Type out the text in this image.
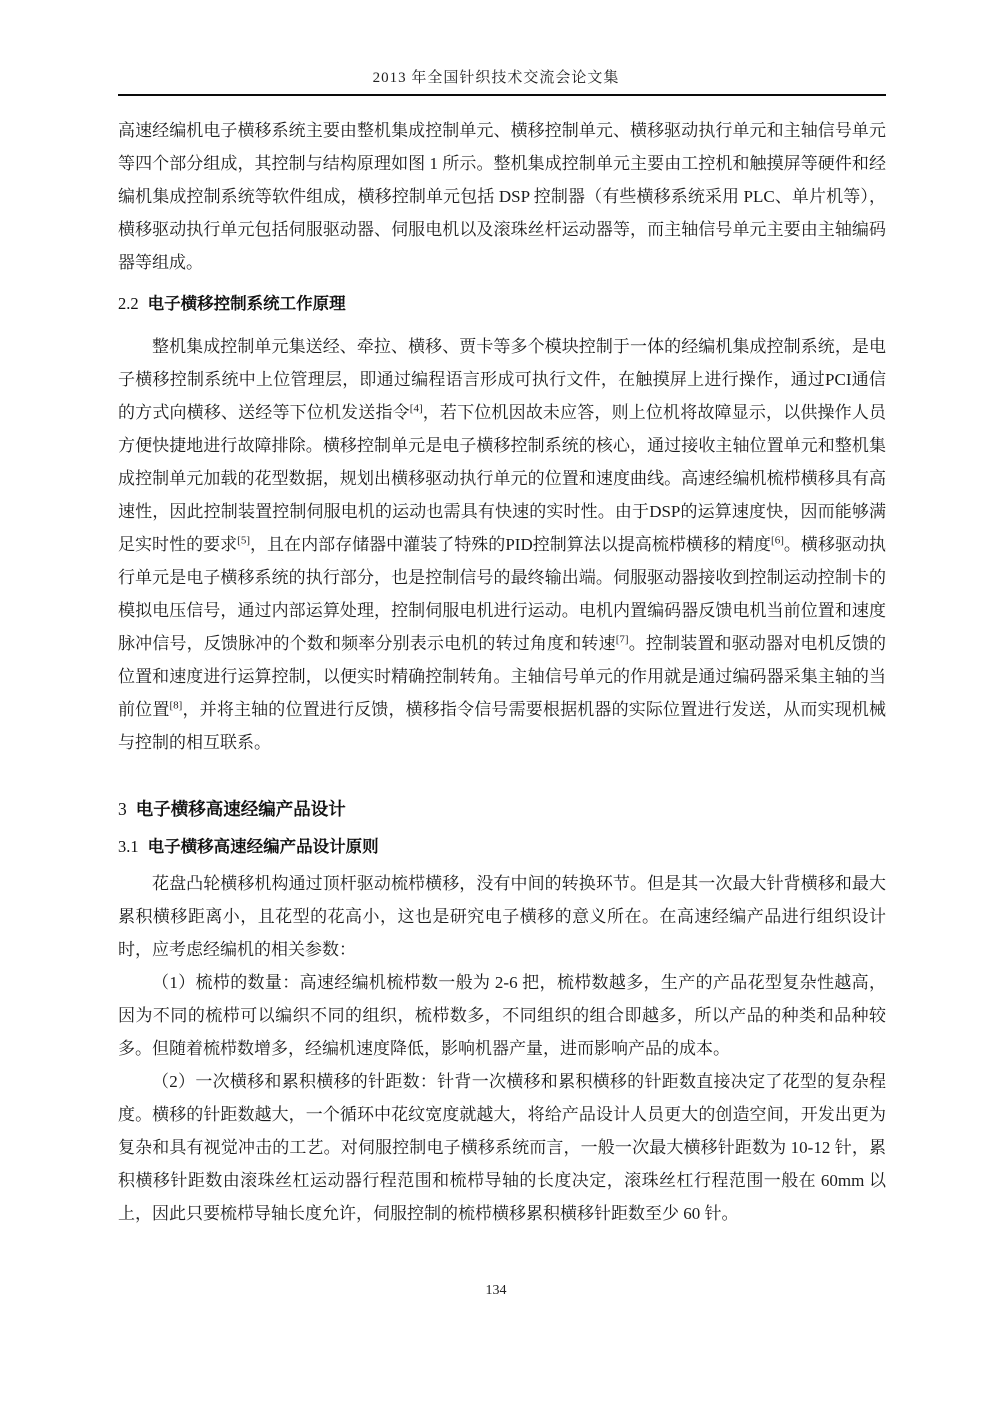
2013 年全国针织技术交流会论文集

高速经编机电子横移系统主要由整机集成控制单元、横移控制单元、横移驱动执行单元和主轴信号单元等四个部分组成，其控制与结构原理如图 1 所示。整机集成控制单元主要由工控机和触摸屏等硬件和经编机集成控制系统等软件组成，横移控制单元包括 DSP 控制器（有些横移系统采用 PLC、单片机等），横移驱动执行单元包括伺服驱动器、伺服电机以及滚珠丝杆运动器等，而主轴信号单元主要由主轴编码器等组成。

2.2 电子横移控制系统工作原理

整机集成控制单元集送经、牵拉、横移、贾卡等多个模块控制于一体的经编机集成控制系统，是电子横移控制系统中上位管理层，即通过编程语言形成可执行文件，在触摸屏上进行操作，通过PCI通信的方式向横移、送经等下位机发送指令[4]，若下位机因故未应答，则上位机将故障显示，以供操作人员方便快捷地进行故障排除。横移控制单元是电子横移控制系统的核心，通过接收主轴位置单元和整机集成控制单元加载的花型数据，规划出横移驱动执行单元的位置和速度曲线。高速经编机梳栉横移具有高速性，因此控制装置控制伺服电机的运动也需具有快速的实时性。由于DSP的运算速度快，因而能够满足实时性的要求[5]，且在内部存储器中灌装了特殊的PID控制算法以提高梳栉横移的精度[6]。横移驱动执行单元是电子横移系统的执行部分，也是控制信号的最终输出端。伺服驱动器接收到控制运动控制卡的模拟电压信号，通过内部运算处理，控制伺服电机进行运动。电机内置编码器反馈电机当前位置和速度脉冲信号，反馈脉冲的个数和频率分别表示电机的转过角度和转速[7]。控制装置和驱动器对电机反馈的位置和速度进行运算控制，以便实时精确控制转角。主轴信号单元的作用就是通过编码器采集主轴的当前位置[8]，并将主轴的位置进行反馈，横移指令信号需要根据机器的实际位置进行发送，从而实现机械与控制的相互联系。

3 电子横移高速经编产品设计
3.1 电子横移高速经编产品设计原则

花盘凸轮横移机构通过顶杆驱动梳栉横移，没有中间的转换环节。但是其一次最大针背横移和最大累积横移距离小，且花型的花高小，这也是研究电子横移的意义所在。在高速经编产品进行组织设计时，应考虑经编机的相关参数：

（1）梳栉的数量：高速经编机梳栉数一般为 2-6 把，梳栉数越多，生产的产品花型复杂性越高，因为不同的梳栉可以编织不同的组织，梳栉数多，不同组织的组合即越多，所以产品的种类和品种较多。但随着梳栉数增多，经编机速度降低，影响机器产量，进而影响产品的成本。

（2）一次横移和累积横移的针距数：针背一次横移和累积横移的针距数直接决定了花型的复杂程度。横移的针距数越大，一个循环中花纹宽度就越大，将给产品设计人员更大的创造空间，开发出更为复杂和具有视觉冲击的工艺。对伺服控制电子横移系统而言，一般一次最大横移针距数为 10-12 针，累积横移针距数由滚珠丝杠运动器行程范围和梳栉导轴的长度决定，滚珠丝杠行程范围一般在 60mm 以上，因此只要梳栉导轴长度允许，伺服控制的梳栉横移累积横移针距数至少 60 针。

134
